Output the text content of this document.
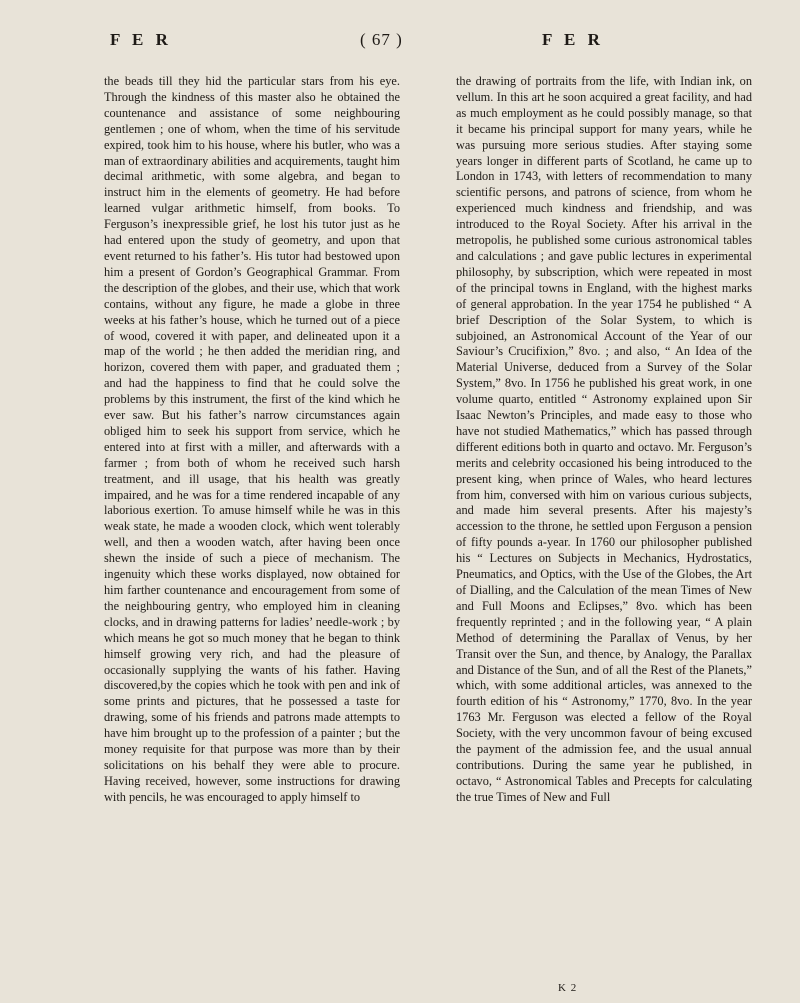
F E R	( 67 )	F E R

the beads till they hid the particular stars from his eye. Through the kindness of this master also he obtained the countenance and assistance of some neighbouring gentlemen ; one of whom, when the time of his servitude expired, took him to his house, where his butler, who was a man of extraordinary abilities and acquirements, taught him decimal arithmetic, with some algebra, and began to instruct him in the elements of geometry. He had before learned vulgar arithmetic himself, from books. To Ferguson’s inexpressible grief, he lost his tutor just as he had entered upon the study of geometry, and upon that event returned to his father’s. His tutor had bestowed upon him a present of Gordon’s Geographical Grammar. From the description of the globes, and their use, which that work contains, without any figure, he made a globe in three weeks at his father’s house, which he turned out of a piece of wood, covered it with paper, and delineated upon it a map of the world ; he then added the meridian ring, and horizon, covered them with paper, and graduated them ; and had the happiness to find that he could solve the problems by this instrument, the first of the kind which he ever saw. But his father’s narrow circumstances again obliged him to seek his support from service, which he entered into at first with a miller, and afterwards with a farmer ; from both of whom he received such harsh treatment, and ill usage, that his health was greatly impaired, and he was for a time rendered incapable of any laborious exertion. To amuse himself while he was in this weak state, he made a wooden clock, which went tolerably well, and then a wooden watch, after having been once shewn the inside of such a piece of mechanism. The ingenuity which these works displayed, now obtained for him farther countenance and encouragement from some of the neighbouring gentry, who employed him in cleaning clocks, and in drawing patterns for ladies’ needle-work ; by which means he got so much money that he began to think himself growing very rich, and had the pleasure of occasionally supplying the wants of his father. Having discovered,by the copies which he took with pen and ink of some prints and pictures, that he possessed a taste for drawing, some of his friends and patrons made attempts to have him brought up to the profession of a painter ; but the money requisite for that purpose was more than by their solicitations on his behalf they were able to procure. Having received, however, some instructions for drawing with pencils, he was encouraged to apply himself to

the drawing of portraits from the life, with Indian ink, on vellum. In this art he soon acquired a great facility, and had as much employment as he could possibly manage, so that it became his principal support for many years, while he was pursuing more serious studies. After staying some years longer in different parts of Scotland, he came up to London in 1743, with letters of recommendation to many scientific persons, and patrons of science, from whom he experienced much kindness and friendship, and was introduced to the Royal Society. After his arrival in the metropolis, he published some curious astronomical tables and calculations ; and gave public lectures in experimental philosophy, by subscription, which were repeated in most of the principal towns in England, with the highest marks of general approbation. In the year 1754 he published “ A brief Description of the Solar System, to which is subjoined, an Astronomical Account of the Year of our Saviour’s Crucifixion,” 8vo. ; and also, “ An Idea of the Material Universe, deduced from a Survey of the Solar System,” 8vo. In 1756 he published his great work, in one volume quarto, entitled “ Astronomy explained upon Sir Isaac Newton’s Principles, and made easy to those who have not studied Mathematics,” which has passed through different editions both in quarto and octavo. Mr. Ferguson’s merits and celebrity occasioned his being introduced to the present king, when prince of Wales, who heard lectures from him, conversed with him on various curious subjects, and made him several presents. After his majesty’s accession to the throne, he settled upon Ferguson a pension of fifty pounds a-year. In 1760 our philosopher published his “ Lectures on Subjects in Mechanics, Hydrostatics, Pneumatics, and Optics, with the Use of the Globes, the Art of Dialling, and the Calculation of the mean Times of New and Full Moons and Eclipses,” 8vo. which has been frequently reprinted ; and in the following year, “ A plain Method of determining the Parallax of Venus, by her Transit over the Sun, and thence, by Analogy, the Parallax and Distance of the Sun, and of all the Rest of the Planets,” which, with some additional articles, was annexed to the fourth edition of his “ Astronomy,” 1770, 8vo. In the year 1763 Mr. Ferguson was elected a fellow of the Royal Society, with the very uncommon favour of being excused the payment of the admission fee, and the usual annual contributions. During the same year he published, in octavo, “ Astronomical Tables and Precepts for calculating the true Times of New and Full

K 2
